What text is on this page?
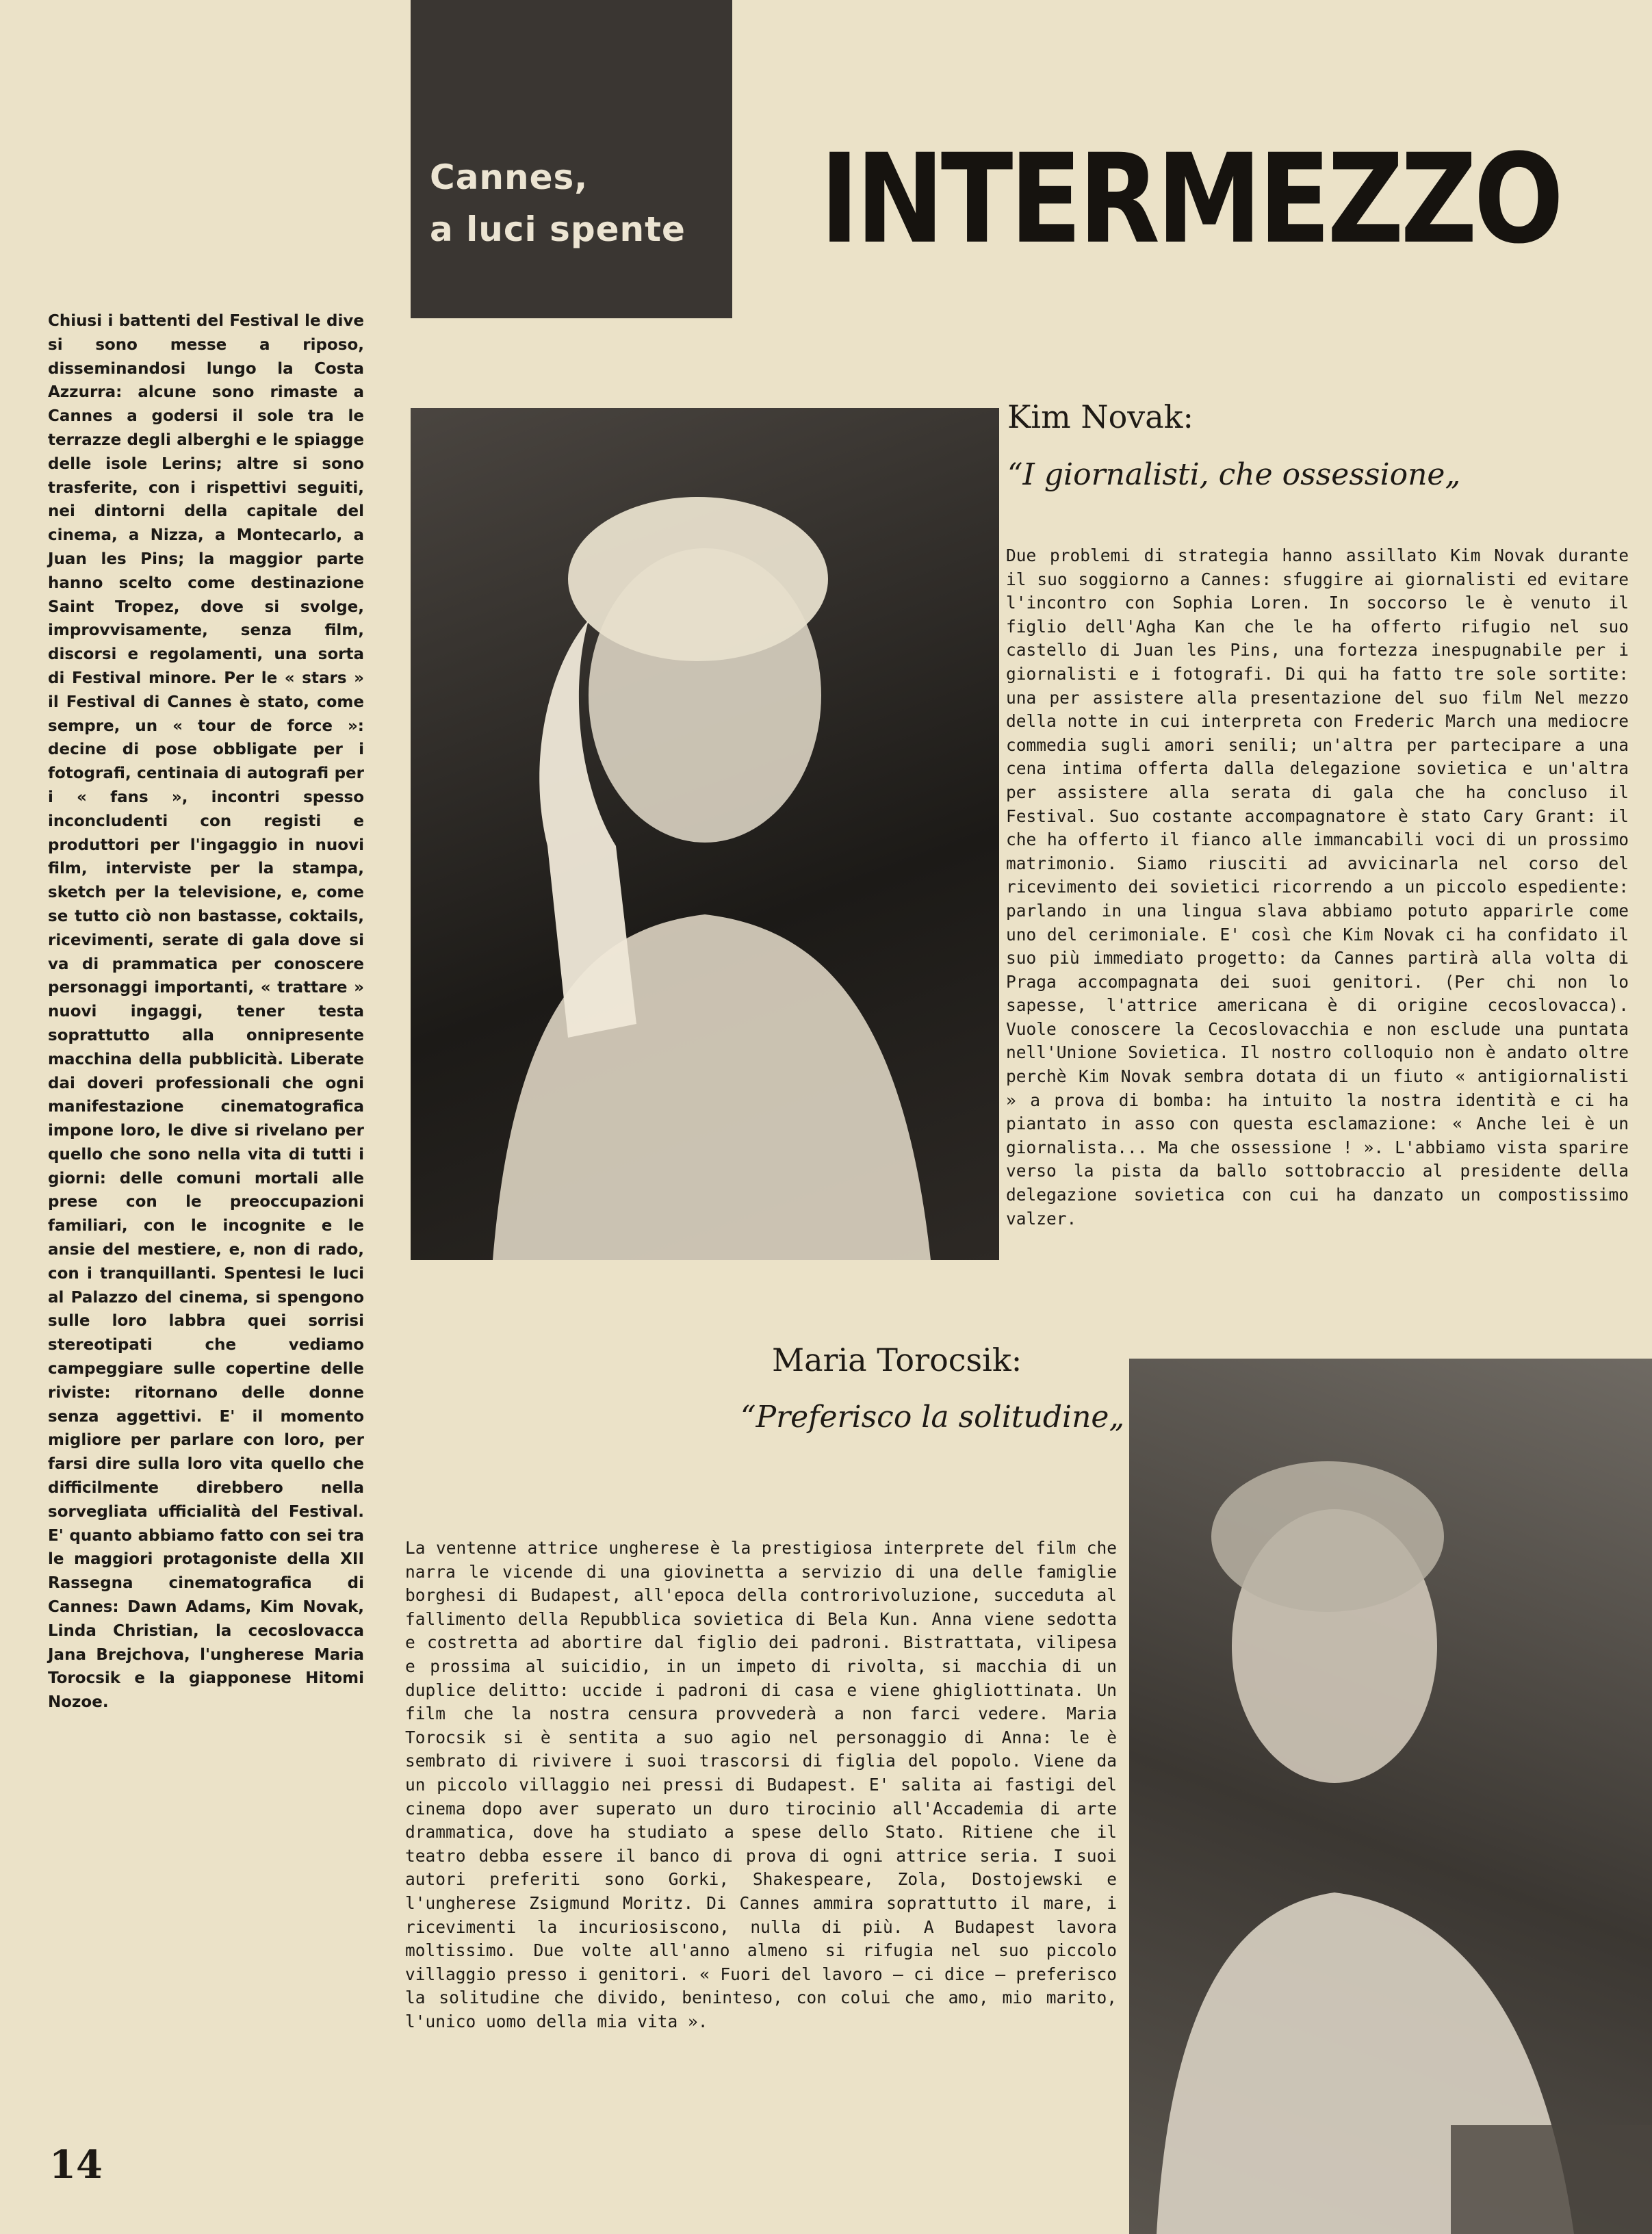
Cannes,
a luci spente	INTERMEZZO

Chiusi i battenti del Festival le dive si sono messe a riposo, disseminandosi lungo la Costa Azzurra: alcune sono rimaste a Cannes a godersi il sole tra le terrazze degli alberghi e le spiagge delle isole Lerins; altre si sono trasferite, con i rispettivi seguiti, nei dintorni della capitale del cinema, a Nizza, a Montecarlo, a Juan les Pins; la maggior parte hanno scelto come destinazione Saint Tropez, dove si svolge, improvvisamente, senza film, discorsi e regolamenti, una sorta di Festival minore. Per le « stars » il Festival di Cannes è stato, come sempre, un « tour de force »: decine di pose obbligate per i fotografi, centinaia di autografi per i « fans », incontri spesso inconcludenti con registi e produttori per l'ingaggio in nuovi film, interviste per la stampa, sketch per la televisione, e, come se tutto ciò non bastasse, coktails, ricevimenti, serate di gala dove si va di prammatica per conoscere personaggi importanti, « trattare » nuovi ingaggi, tener testa soprattutto alla onnipresente macchina della pubblicità. Liberate dai doveri professionali che ogni manifestazione cinematografica impone loro, le dive si rivelano per quello che sono nella vita di tutti i giorni: delle comuni mortali alle prese con le preoccupazioni familiari, con le incognite e le ansie del mestiere, e, non di rado, con i tranquillanti. Spentesi le luci al Palazzo del cinema, si spengono sulle loro labbra quei sorrisi stereotipati che vediamo campeggiare sulle copertine delle riviste: ritornano delle donne senza aggettivi. E' il momento migliore per parlare con loro, per farsi dire sulla loro vita quello che difficilmente direbbero nella sorvegliata ufficialità del Festival. E' quanto abbiamo fatto con sei tra le maggiori protagoniste della XII Rassegna cinematografica di Cannes: Dawn Adams, Kim Novak, Linda Christian, la cecoslovacca Jana Brejchova, l'ungherese Maria Torocsik e la giapponese Hitomi Nozoe.

Kim Novak:
“I giornalisti, che ossessione„

Due problemi di strategia hanno assillato Kim Novak durante il suo soggiorno a Cannes: sfuggire ai giornalisti ed evitare l'incontro con Sophia Loren. In soccorso le è venuto il figlio dell'Agha Kan che le ha offerto rifugio nel suo castello di Juan les Pins, una fortezza inespugnabile per i giornalisti e i fotografi. Di qui ha fatto tre sole sortite: una per assistere alla presentazione del suo film Nel mezzo della notte in cui interpreta con Frederic March una mediocre commedia sugli amori senili; un'altra per partecipare a una cena intima offerta dalla delegazione sovietica e un'altra per assistere alla serata di gala che ha concluso il Festival. Suo costante accompagnatore è stato Cary Grant: il che ha offerto il fianco alle immancabili voci di un prossimo matrimonio. Siamo riusciti ad avvicinarla nel corso del ricevimento dei sovietici ricorrendo a un piccolo espediente: parlando in una lingua slava abbiamo potuto apparirle come uno del cerimoniale. E' così che Kim Novak ci ha confidato il suo più immediato progetto: da Cannes partirà alla volta di Praga accompagnata dei suoi genitori. (Per chi non lo sapesse, l'attrice americana è di origine cecoslovacca). Vuole conoscere la Cecoslovacchia e non esclude una puntata nell'Unione Sovietica. Il nostro colloquio non è andato oltre perchè Kim Novak sembra dotata di un fiuto « antigiornalisti » a prova di bomba: ha intuito la nostra identità e ci ha piantato in asso con questa esclamazione: « Anche lei è un giornalista... Ma che ossessione ! ». L'abbiamo vista sparire verso la pista da ballo sottobraccio al presidente della delegazione sovietica con cui ha danzato un compostissimo valzer.

Maria Torocsik:
“Preferisco la solitudine„

La ventenne attrice ungherese è la prestigiosa interprete del film che narra le vicende di una giovinetta a servizio di una delle famiglie borghesi di Budapest, all'epoca della controrivoluzione, succeduta al fallimento della Repubblica sovietica di Bela Kun. Anna viene sedotta e costretta ad abortire dal figlio dei padroni. Bistrattata, vilipesa e prossima al suicidio, in un impeto di rivolta, si macchia di un duplice delitto: uccide i padroni di casa e viene ghigliottinata. Un film che la nostra censura provvederà a non farci vedere. Maria Torocsik si è sentita a suo agio nel personaggio di Anna: le è sembrato di rivivere i suoi trascorsi di figlia del popolo. Viene da un piccolo villaggio nei pressi di Budapest. E' salita ai fastigi del cinema dopo aver superato un duro tirocinio all'Accademia di arte drammatica, dove ha studiato a spese dello Stato. Ritiene che il teatro debba essere il banco di prova di ogni attrice seria. I suoi autori preferiti sono Gorki, Shakespeare, Zola, Dostojewski e l'ungherese Zsigmund Moritz. Di Cannes ammira soprattutto il mare, i ricevimenti la incuriosiscono, nulla di più. A Budapest lavora moltissimo. Due volte all'anno almeno si rifugia nel suo piccolo villaggio presso i genitori. « Fuori del lavoro — ci dice — preferisco la solitudine che divido, beninteso, con colui che amo, mio marito, l'unico uomo della mia vita ».

14
